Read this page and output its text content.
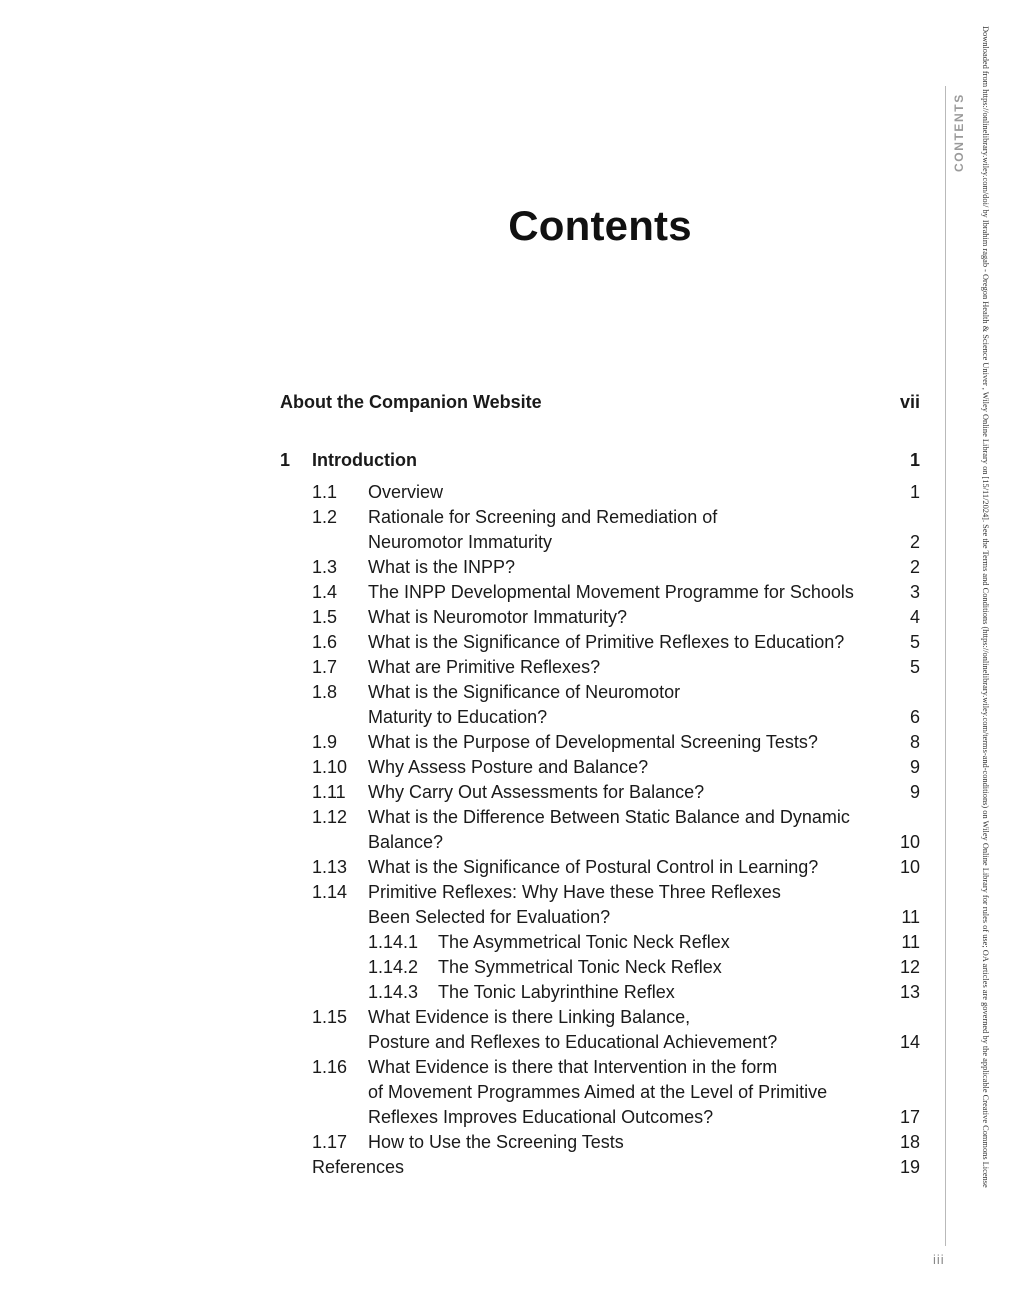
Contents
About the Companion Website	vii
1 Introduction	1
1.1 Overview	1
1.2 Rationale for Screening and Remediation of
Neuromotor Immaturity	2
1.3 What is the INPP?	2
1.4 The INPP Developmental Movement Programme for Schools	3
1.5 What is Neuromotor Immaturity?	4
1.6 What is the Significance of Primitive Reflexes to Education?	5
1.7 What are Primitive Reflexes?	5
1.8 What is the Significance of Neuromotor
Maturity to Education?	6
1.9 What is the Purpose of Developmental Screening Tests?	8
1.10 Why Assess Posture and Balance?	9
1.11 Why Carry Out Assessments for Balance?	9
1.12 What is the Difference Between Static Balance and Dynamic
Balance?	10
1.13 What is the Significance of Postural Control in Learning?	10
1.14 Primitive Reflexes: Why Have these Three Reflexes
Been Selected for Evaluation?	11
1.14.1 The Asymmetrical Tonic Neck Reflex	11
1.14.2 The Symmetrical Tonic Neck Reflex	12
1.14.3 The Tonic Labyrinthine Reflex	13
1.15 What Evidence is there Linking Balance,
Posture and Reflexes to Educational Achievement?	14
1.16 What Evidence is there that Intervention in the form
of Movement Programmes Aimed at the Level of Primitive
Reflexes Improves Educational Outcomes?	17
1.17 How to Use the Screening Tests	18
References	19
CONTENTS
iii
Downloaded from https://onlinelibrary.wiley.com/doi/ by Ibrahim ragab - Oregon Health & Science Univer , Wiley Online Library on [15/11/2024]. See the Terms and Conditions (https://onlinelibrary.wiley.com/terms-and-conditions) on Wiley Online Library for rules of use; OA articles are governed by the applicable Creative Commons License
